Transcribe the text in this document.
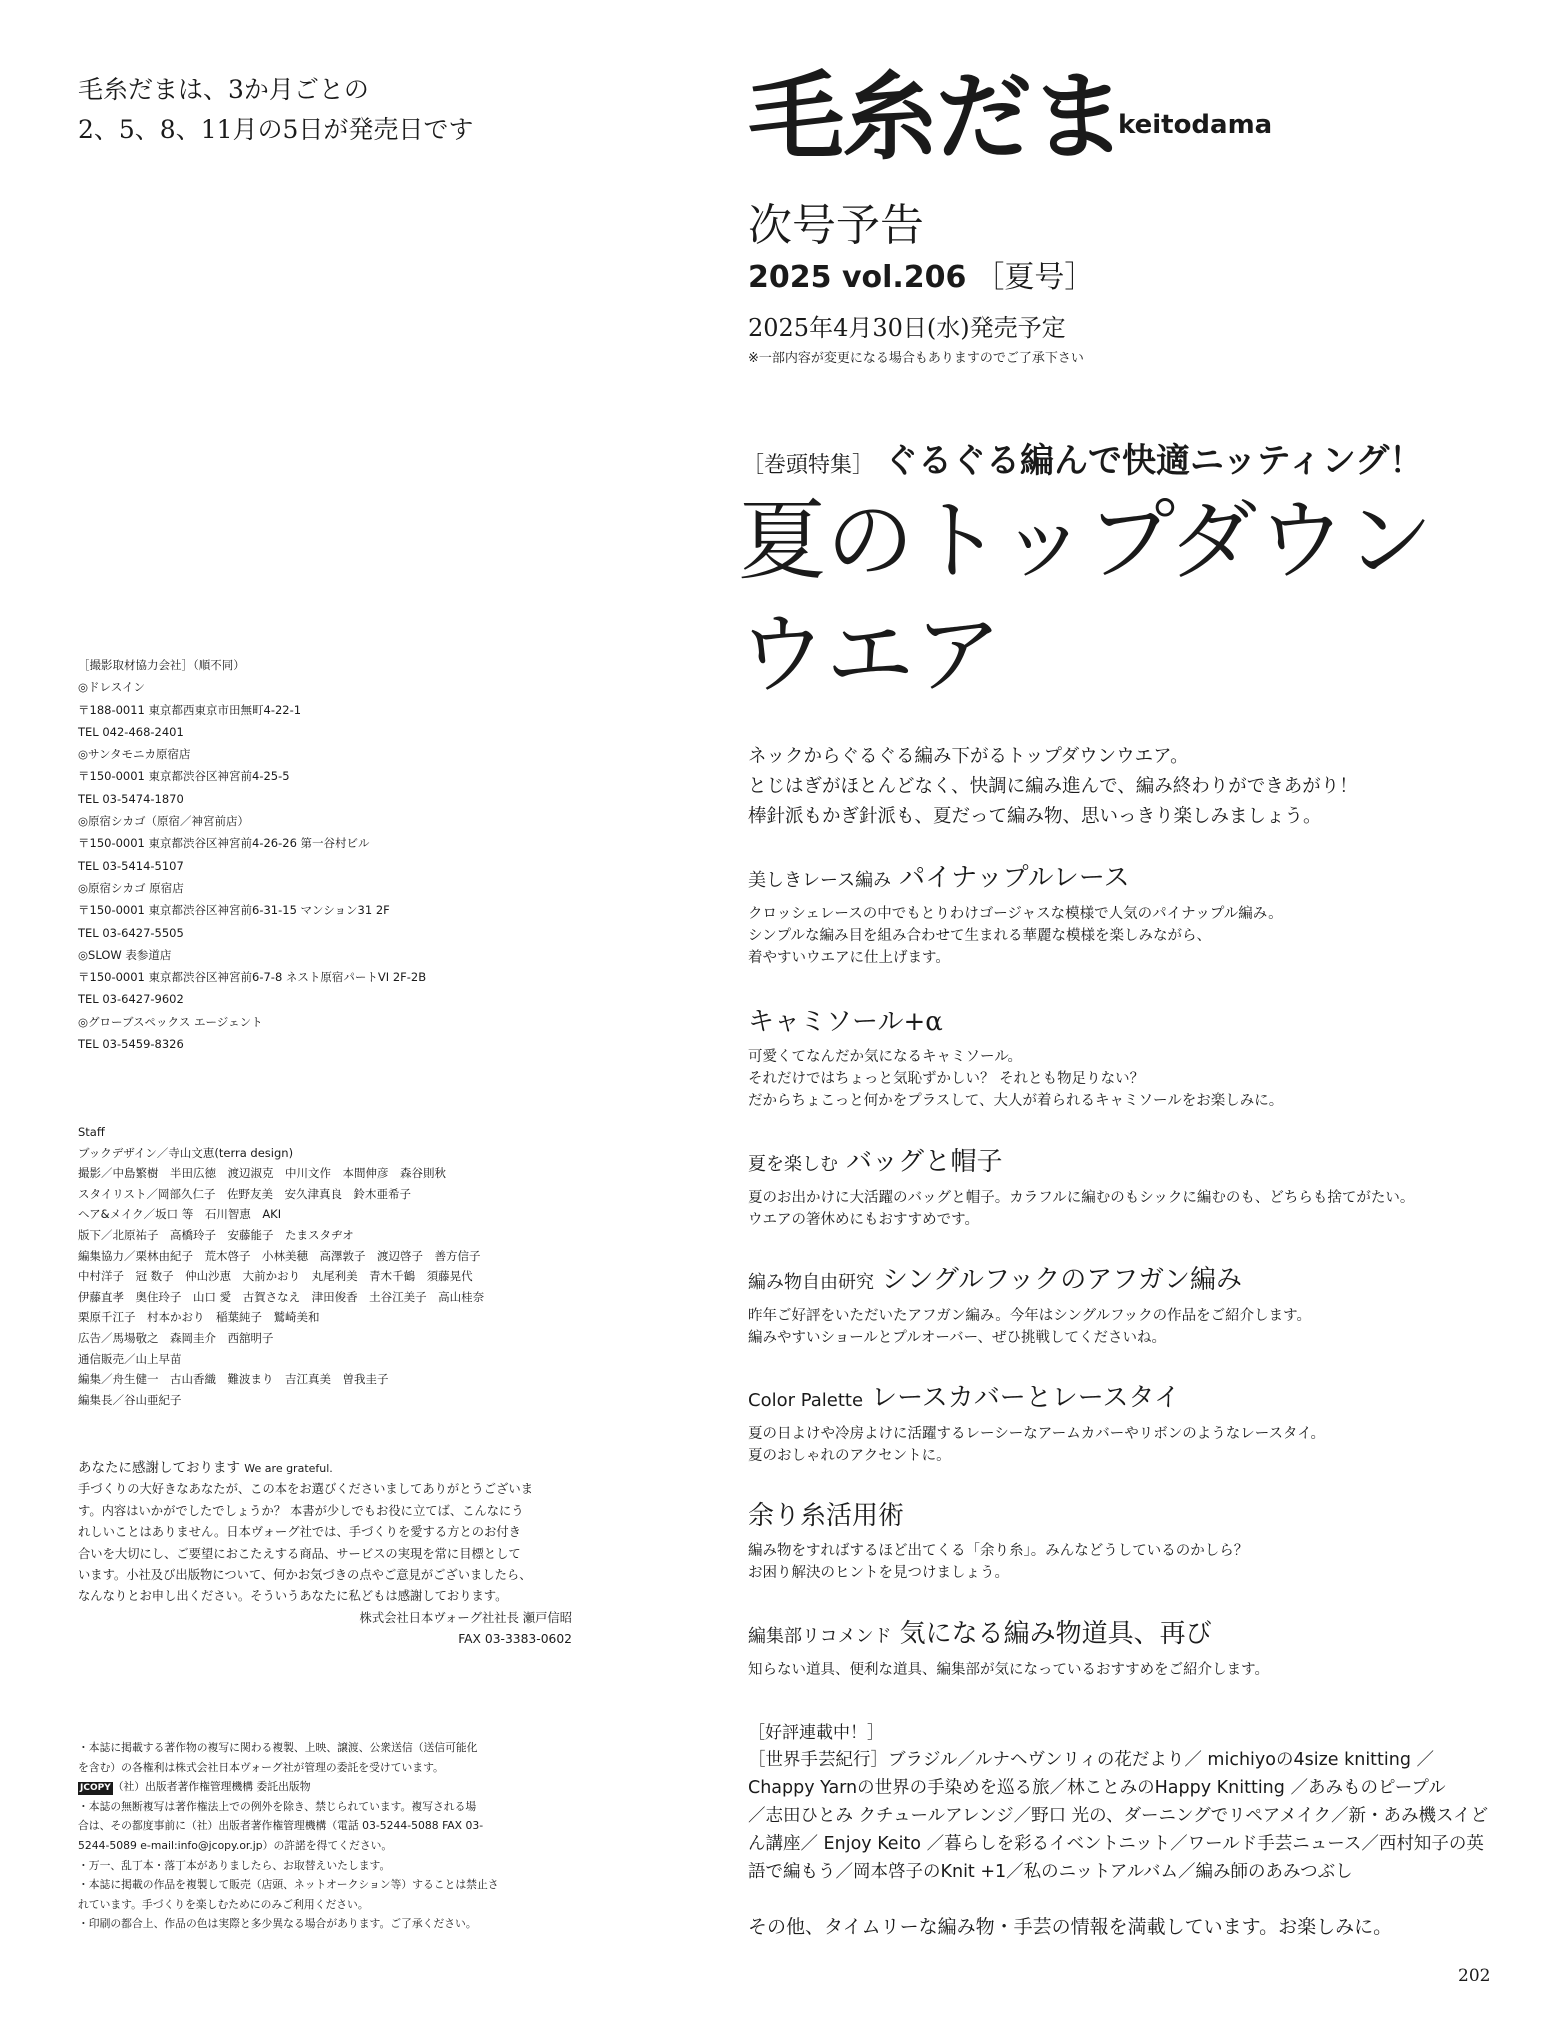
毛糸だまは、3か月ごとの
2、5、8、11月の5日が発売日です	毛糸だま
keitodama
次号予告
2025 vol.206 ［夏号］
2025年4月30日(水)発売予定
※一部内容が変更になる場合もありますのでご了承下さい
［巻頭特集］ ぐるぐる編んで快適ニッティング！
夏のトップダウン
ウエア
ネックからぐるぐる編み下がるトップダウンウエア。
とじはぎがほとんどなく、快調に編み進んで、編み終わりができあがり！
棒針派もかぎ針派も、夏だって編み物、思いっきり楽しみましょう。
美しきレース編み パイナップルレース
クロッシェレースの中でもとりわけゴージャスな模様で人気のパイナップル編み。
シンプルな編み目を組み合わせて生まれる華麗な模様を楽しみながら、
着やすいウエアに仕上げます。
キャミソール+α
可愛くてなんだか気になるキャミソール。
それだけではちょっと気恥ずかしい？ それとも物足りない？
だからちょこっと何かをプラスして、大人が着られるキャミソールをお楽しみに。
夏を楽しむ バッグと帽子
夏のお出かけに大活躍のバッグと帽子。カラフルに編むのもシックに編むのも、どちらも捨てがたい。
ウエアの箸休めにもおすすめです。
編み物自由研究 シングルフックのアフガン編み
昨年ご好評をいただいたアフガン編み。今年はシングルフックの作品をご紹介します。
編みやすいショールとプルオーバー、ぜひ挑戦してくださいね。
Color Palette レースカバーとレースタイ
夏の日よけや冷房よけに活躍するレーシーなアームカバーやリボンのようなレースタイ。
夏のおしゃれのアクセントに。
余り糸活用術
編み物をすればするほど出てくる「余り糸」。みんなどうしているのかしら？
お困り解決のヒントを見つけましょう。
編集部リコメンド 気になる編み物道具、再び
知らない道具、便利な道具、編集部が気になっているおすすめをご紹介します。
［好評連載中！］
［世界手芸紀行］ブラジル／ルナヘヴンリィの花だより／ michiyoの4size knitting ／
Chappy Yarnの世界の手染めを巡る旅／林ことみのHappy Knitting ／あみものピープル
／志田ひとみ クチュールアレンジ／野口 光の、ダーニングでリペアメイク／新・あみ機スイど
ん講座／ Enjoy Keito ／暮らしを彩るイベントニット／ワールド手芸ニュース／西村知子の英
語で編もう／岡本啓子のKnit +1／私のニットアルバム／編み師のあみつぶし
その他、タイムリーな編み物・手芸の情報を満載しています。お楽しみに。
202
［撮影取材協力会社］（順不同）
◎ドレスイン
〒188-0011 東京都西東京市田無町4-22-1
TEL 042-468-2401
◎サンタモニカ原宿店
〒150-0001 東京都渋谷区神宮前4-25-5
TEL 03-5474-1870
◎原宿シカゴ（原宿／神宮前店）
〒150-0001 東京都渋谷区神宮前4-26-26 第一谷村ビル
TEL 03-5414-5107
◎原宿シカゴ 原宿店
〒150-0001 東京都渋谷区神宮前6-31-15 マンション31 2F
TEL 03-6427-5505
◎SLOW 表参道店
〒150-0001 東京都渋谷区神宮前6-7-8 ネスト原宿パートVI 2F-2B
TEL 03-6427-9602
◎グローブスペックス エージェント
TEL 03-5459-8326
Staff
ブックデザイン／寺山文恵(terra design)
撮影／中島繁樹　半田広徳　渡辺淑克　中川文作　本間伸彦　森谷則秋
スタイリスト／岡部久仁子　佐野友美　安久津真良　鈴木亜希子
ヘア&メイク／坂口 等　石川智恵　AKI
版下／北原祐子　高橋玲子　安藤能子　たまスタヂオ
編集協力／栗林由紀子　荒木啓子　小林美穂　高澤敦子　渡辺啓子　善方信子
中村洋子　冠 数子　仲山沙恵　大前かおり　丸尾利美　青木千鶴　須藤晃代
伊藤直孝　奥住玲子　山口 愛　古賀さなえ　津田俊香　土谷江美子　高山桂奈
栗原千江子　村本かおり　稲葉純子　鷲崎美和
広告／馬場敬之　森岡圭介　西舘明子
通信販売／山上早苗
編集／舟生健一　古山香織　難波まり　吉江真美　曽我圭子
編集長／谷山亜紀子
あなたに感謝しております We are grateful.
手づくりの大好きなあなたが、この本をお選びくださいましてありがとうございま
す。内容はいかがでしたでしょうか？ 本書が少しでもお役に立てば、こんなにう
れしいことはありません。日本ヴォーグ社では、手づくりを愛する方とのお付き
合いを大切にし、ご要望におこたえする商品、サービスの実現を常に目標として
います。小社及び出版物について、何かお気づきの点やご意見がございましたら、
なんなりとお申し出ください。そういうあなたに私どもは感謝しております。
株式会社日本ヴォーグ社社長 瀬戸信昭
FAX 03-3383-0602
・本誌に掲載する著作物の複写に関わる複製、上映、譲渡、公衆送信（送信可能化
を含む）の各権利は株式会社日本ヴォーグ社が管理の委託を受けています。
JCOPY （社）出版者著作権管理機構 委託出版物
・本誌の無断複写は著作権法上での例外を除き、禁じられています。複写される場
合は、その都度事前に（社）出版者著作権管理機構（電話 03-5244-5088 FAX 03-
5244-5089 e-mail:info@jcopy.or.jp）の許諾を得てください。
・万一、乱丁本・落丁本がありましたら、お取替えいたします。
・本誌に掲載の作品を複製して販売（店頭、ネットオークション等）することは禁止さ
れています。手づくりを楽しむためにのみご利用ください。
・印刷の都合上、作品の色は実際と多少異なる場合があります。ご了承ください。
